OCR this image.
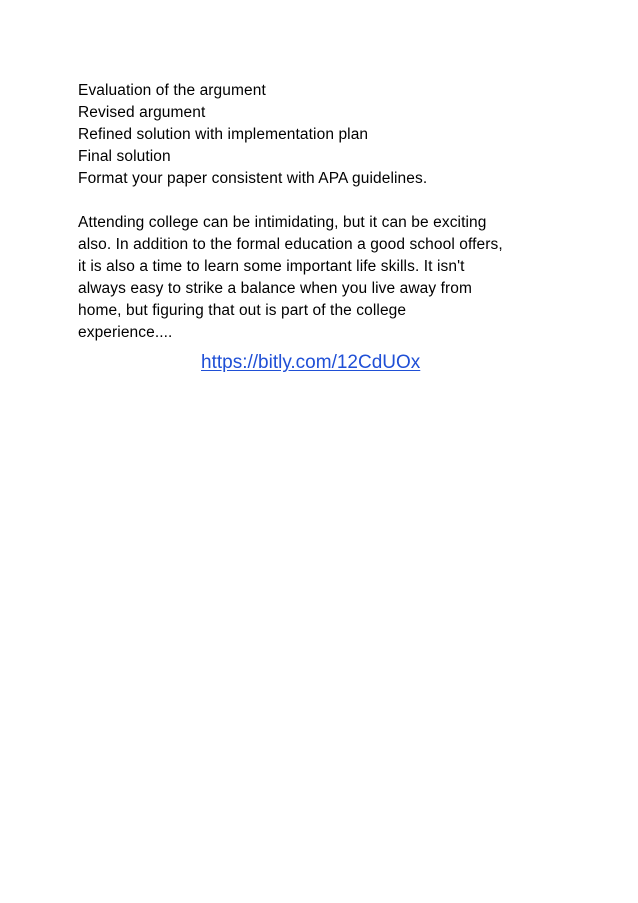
Evaluation of the argument
Revised argument
Refined solution with implementation plan
Final solution
Format your paper consistent with APA guidelines.
Attending college can be intimidating, but it can be exciting
also. In addition to the formal education a good school offers,
it is also a time to learn some important life skills. It isn't
always easy to strike a balance when you live away from
home, but figuring that out is part of the college
experience....
https://bitly.com/12CdUOx
